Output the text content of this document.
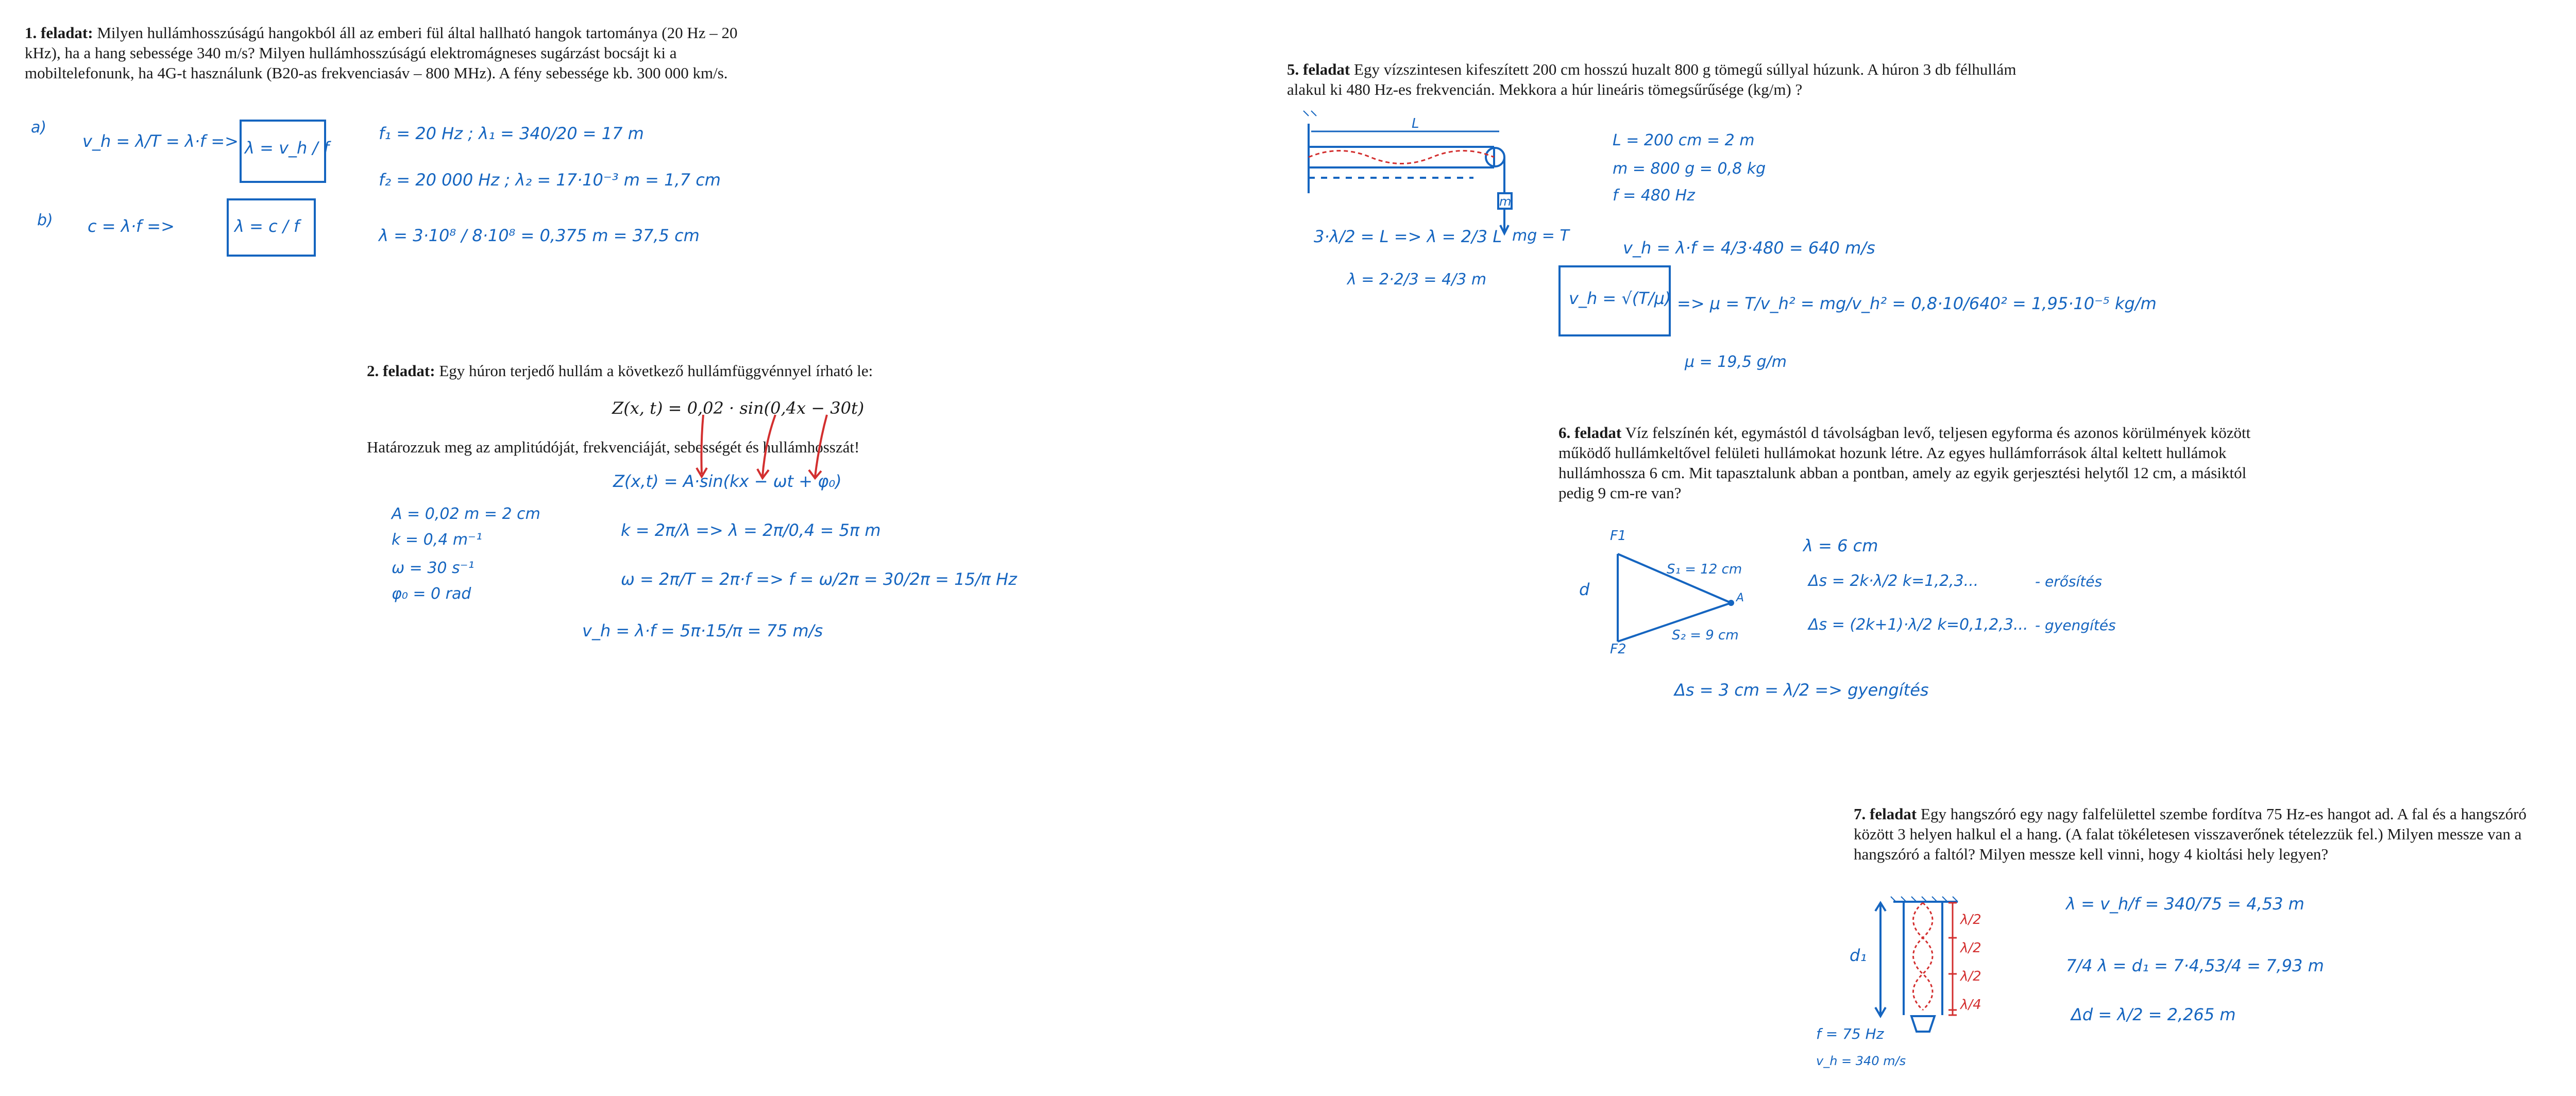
1. feladat: Milyen hullámhosszúságú hangokból áll az emberi fül által hallható hangok tartománya (20 Hz – 20 kHz), ha a hang sebessége 340 m/s? Milyen hullámhosszúságú elektromágneses sugárzást bocsájt ki a mobiltelefonunk, ha 4G-t használunk (B20-as frekvenciasáv – 800 MHz). A fény sebessége kb. 300 000 km/s.
a)
v_h = λ/T = λ·f => λ = v_h / f
b) c = λ·f =>	λ = c / f
f₁ = 20 Hz ; λ₁ = 340/20 = 17 m
f₂ = 20 000 Hz ; λ₂ = 17·10⁻³ m = 1,7 cm
λ = 3·10⁸ / 8·10⁸ = 0,375 m = 37,5 cm
2. feladat: Egy húron terjedő hullám a következő hullámfüggvénnyel írható le:
Z(x, t) = 0,02 · sin(0,4x − 30t)
Határozzuk meg az amplitúdóját, frekvenciáját, sebességét és hullámhosszát!
Z(x,t) = A·sin(kx − ωt + φ₀)
A = 0,02 m = 2 cm
k = 0,4 m⁻¹
ω = 30 s⁻¹
φ₀ = 0 rad
k = 2π/λ => λ = 2π/0,4 = 5π m
ω = 2π/T = 2π·f => f = ω/2π = 30/2π = 15/π Hz
v_h = λ·f = 5π·15/π = 75 m/s
5. feladat Egy vízszintesen kifeszített 200 cm hosszú huzalt 800 g tömegű súllyal húzunk. A húron 3 db félhullám alakul ki 480 Hz-es frekvencián. Mekkora a húr lineáris tömegsűrűsége (kg/m) ?
L
m
mg = T
3·λ/2 = L => λ = 2/3 L
λ = 2·2/3 = 4/3 m
L = 200 cm = 2 m
m = 800 g = 0,8 kg
f = 480 Hz
v_h = λ·f = 4/3·480 = 640 m/s
v_h = √(T/μ) => μ = T/v_h² = mg/v_h² = 0,8·10/640² = 1,95·10⁻⁵ kg/m
μ = 19,5 g/m
6. feladat Víz felszínén két, egymástól d távolságban levő, teljesen egyforma és azonos körülmények között működő hullámkeltővel felületi hullámokat hozunk létre. Az egyes hullámforrások által keltett hullámok hullámhossza 6 cm. Mit tapasztalunk abban a pontban, amely az egyik gerjesztési helytől 12 cm, a másiktól pedig 9 cm-re van?
F1
F2
d	A
S₁ = 12 cm
S₂ = 9 cm
λ = 6 cm
Δs = 2k·λ/2 k=1,2,3...	- erősítés
Δs = (2k+1)·λ/2 k=0,1,2,3... - gyengítés
Δs = 3 cm = λ/2 => gyengítés
7. feladat Egy hangszóró egy nagy falfelülettel szembe fordítva 75 Hz-es hangot ad. A fal és a hangszóró között 3 helyen halkul el a hang. (A falat tökéletesen visszaverőnek tételezzük fel.) Milyen messze van a hangszóró a faltól? Milyen messze kell vinni, hogy 4 kioltási hely legyen?
d₁
λ/2
λ/2
λ/2
λ/4
f = 75 Hz
v_h = 340 m/s
λ = v_h/f = 340/75 = 4,53 m
7/4 λ = d₁ = 7·4,53/4 = 7,93 m
Δd = λ/2 = 2,265 m
